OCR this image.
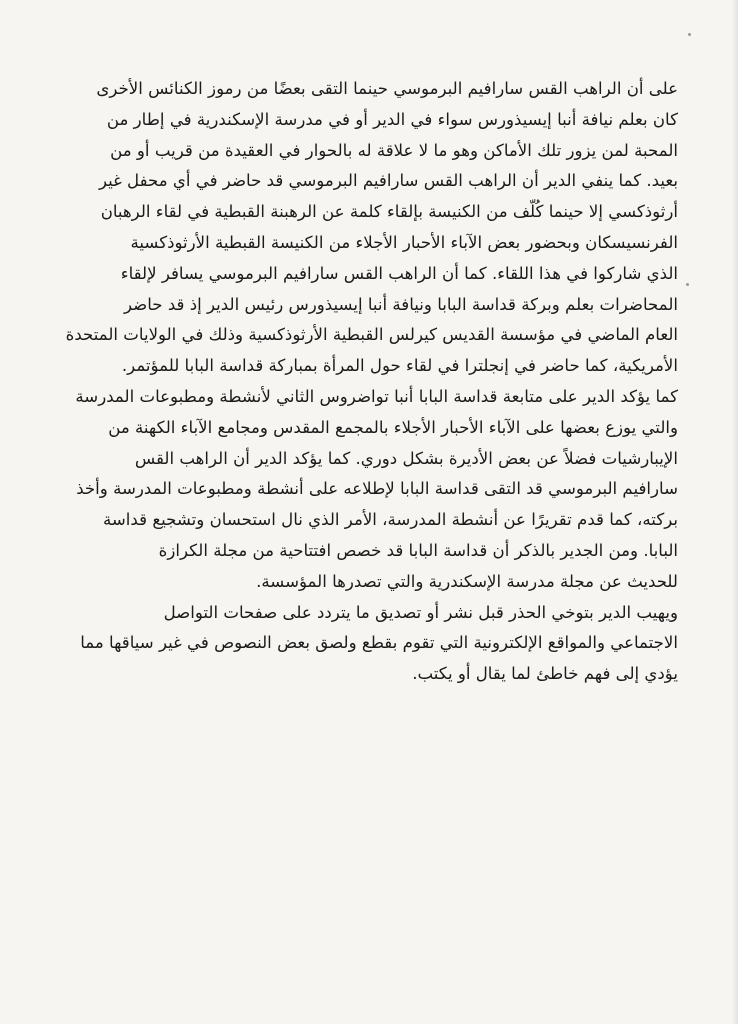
على أن الراهب القس سارافيم البرموسي حينما التقى بعضًا من رموز الكنائس الأخرى
كان بعلم نيافة أنبا إيسيذورس سواء في الدير أو في مدرسة الإسكندرية في إطار من
المحبة لمن يزور تلك الأماكن وهو ما لا علاقة له بالحوار في العقيدة من قريب أو من
بعيد. كما ينفي الدير أن الراهب القس سارافيم البرموسي قد حاضر في أي محفل غير
أرثوذكسي إلا حينما كُلّف من الكنيسة بإلقاء كلمة عن الرهبنة القبطية في لقاء الرهبان
الفرنسيسكان وبحضور بعض الآباء الأحبار الأجلاء من الكنيسة القبطية الأرثوذكسية
الذي شاركوا في هذا اللقاء. كما أن الراهب القس سارافيم البرموسي يسافر لإلقاء
المحاضرات بعلم وبركة قداسة البابا ونيافة أنبا إيسيذورس رئيس الدير إذ قد حاضر
العام الماضي في مؤسسة القديس كيرلس القبطية الأرثوذكسية وذلك في الولايات المتحدة
الأمريكية، كما حاضر في إنجلترا في لقاء حول المرأة بمباركة قداسة البابا للمؤتمر.

كما يؤكد الدير على متابعة قداسة البابا أنبا تواضروس الثاني لأنشطة ومطبوعات المدرسة
والتي يوزع بعضها على الآباء الأحبار الأجلاء بالمجمع المقدس ومجامع الآباء الكهنة من
الإيبارشيات فضلاً عن بعض الأديرة بشكل دوري. كما يؤكد الدير أن الراهب القس
سارافيم البرموسي قد التقى قداسة البابا لإطلاعه على أنشطة ومطبوعات المدرسة وأخذ
بركته، كما قدم تقريرًا عن أنشطة المدرسة، الأمر الذي نال استحسان وتشجيع قداسة
البابا. ومن الجدير بالذكر أن قداسة البابا قد خصص افتتاحية من مجلة الكرازة
للحديث عن مجلة مدرسة الإسكندرية والتي تصدرها المؤسسة.

ويهيب الدير بتوخي الحذر قبل نشر أو تصديق ما يتردد على صفحات التواصل
الاجتماعي والمواقع الإلكترونية التي تقوم بقطع ولصق بعض النصوص في غير سياقها مما
يؤدي إلى فهم خاطئ لما يقال أو يكتب.
